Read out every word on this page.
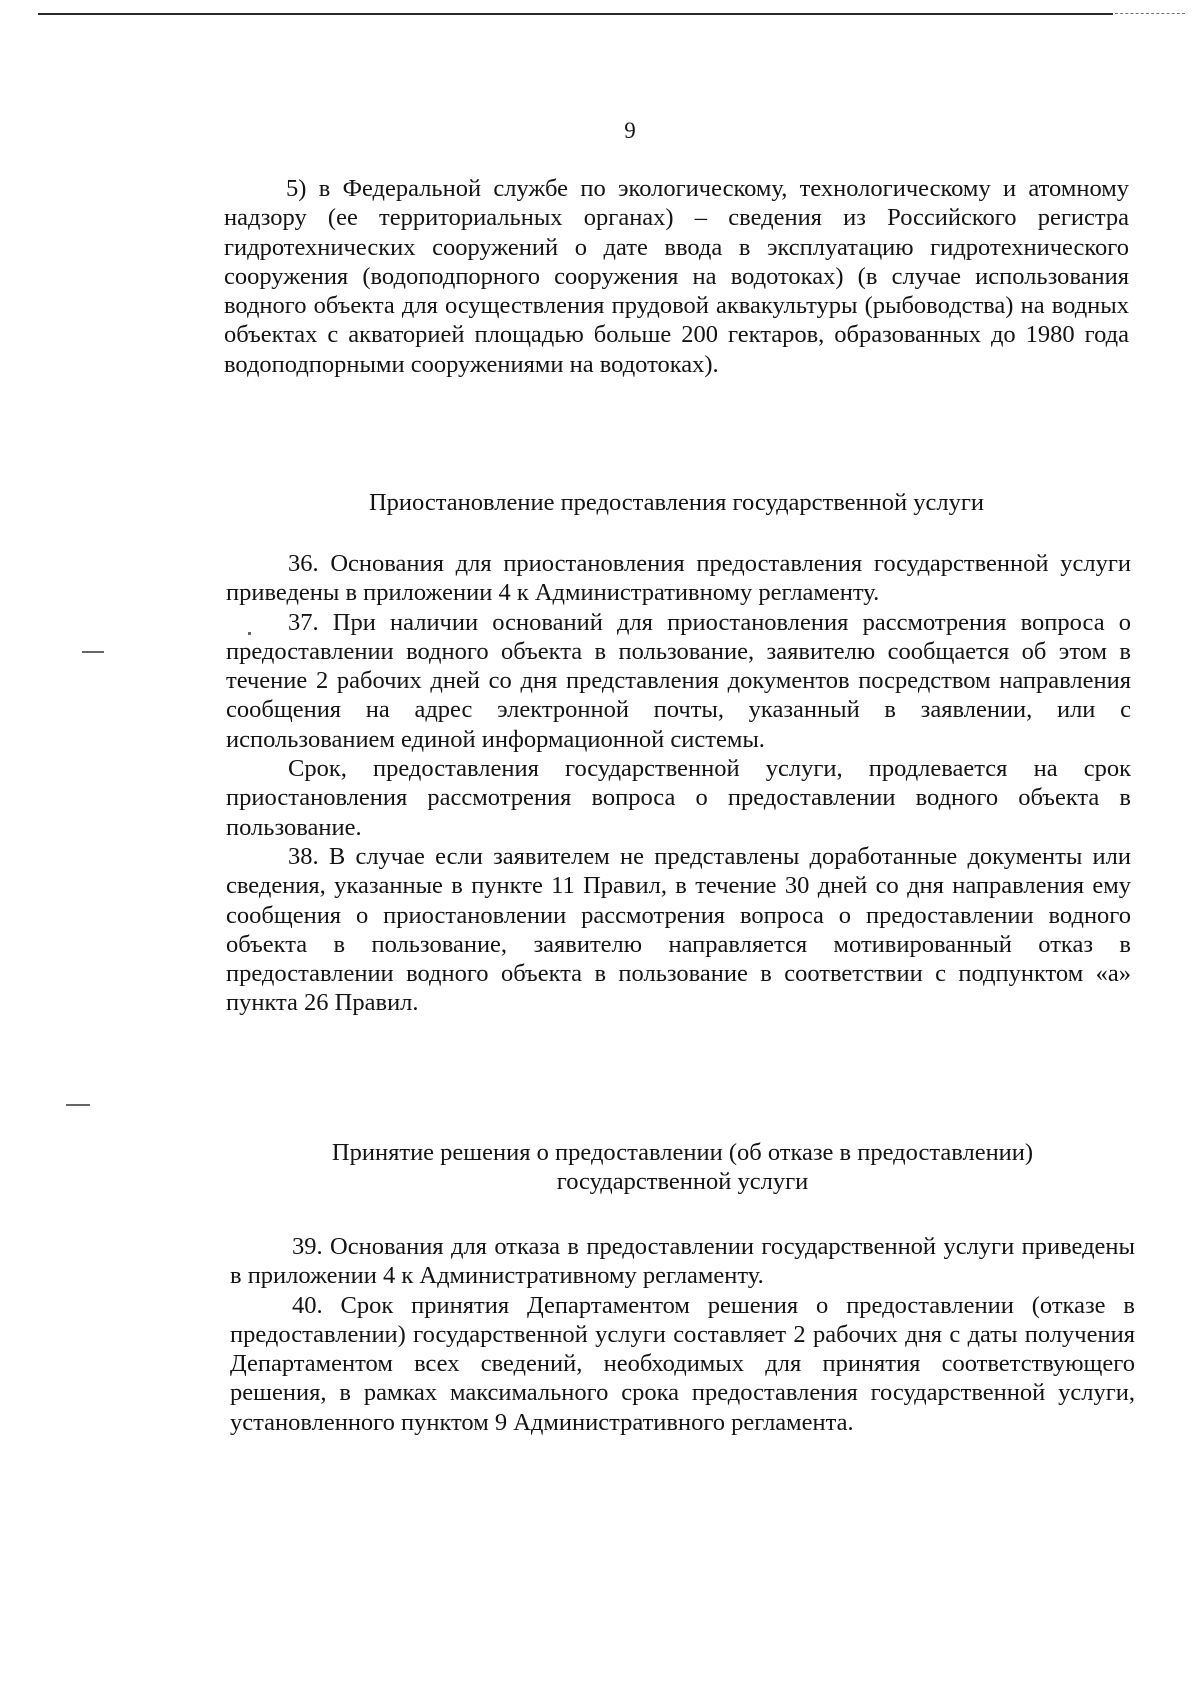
9

5) в Федеральной службе по экологическому, технологическому и атомному надзору (ее территориальных органах) – сведения из Российского регистра гидротехнических сооружений о дате ввода в эксплуатацию гидротехнического сооружения (водоподпорного сооружения на водотоках) (в случае использования водного объекта для осуществления прудовой аквакультуры (рыбоводства) на водных объектах с акваторией площадью больше 200 гектаров, образованных до 1980 года водоподпорными сооружениями на водотоках).

Приостановление предоставления государственной услуги

36. Основания для приостановления предоставления государственной услуги приведены в приложении 4 к Административному регламенту.

37. При наличии оснований для приостановления рассмотрения вопроса о предоставлении водного объекта в пользование, заявителю сообщается об этом в течение 2 рабочих дней со дня представления документов посредством направления сообщения на адрес электронной почты, указанный в заявлении, или с использованием единой информационной системы.

Срок, предоставления государственной услуги, продлевается на срок приостановления рассмотрения вопроса о предоставлении водного объекта в пользование.

38. В случае если заявителем не представлены доработанные документы или сведения, указанные в пункте 11 Правил, в течение 30 дней со дня направления ему сообщения о приостановлении рассмотрения вопроса о предоставлении водного объекта в пользование, заявителю направляется мотивированный отказ в предоставлении водного объекта в пользование в соответствии с подпунктом «а» пункта 26 Правил.

Принятие решения о предоставлении (об отказе в предоставлении)
государственной услуги

39. Основания для отказа в предоставлении государственной услуги приведены в приложении 4 к Административному регламенту.

40. Срок принятия Департаментом решения о предоставлении (отказе в предоставлении) государственной услуги составляет 2 рабочих дня с даты получения Департаментом всех сведений, необходимых для принятия соответствующего решения, в рамках максимального срока предоставления государственной услуги, установленного пунктом 9 Административного регламента.
